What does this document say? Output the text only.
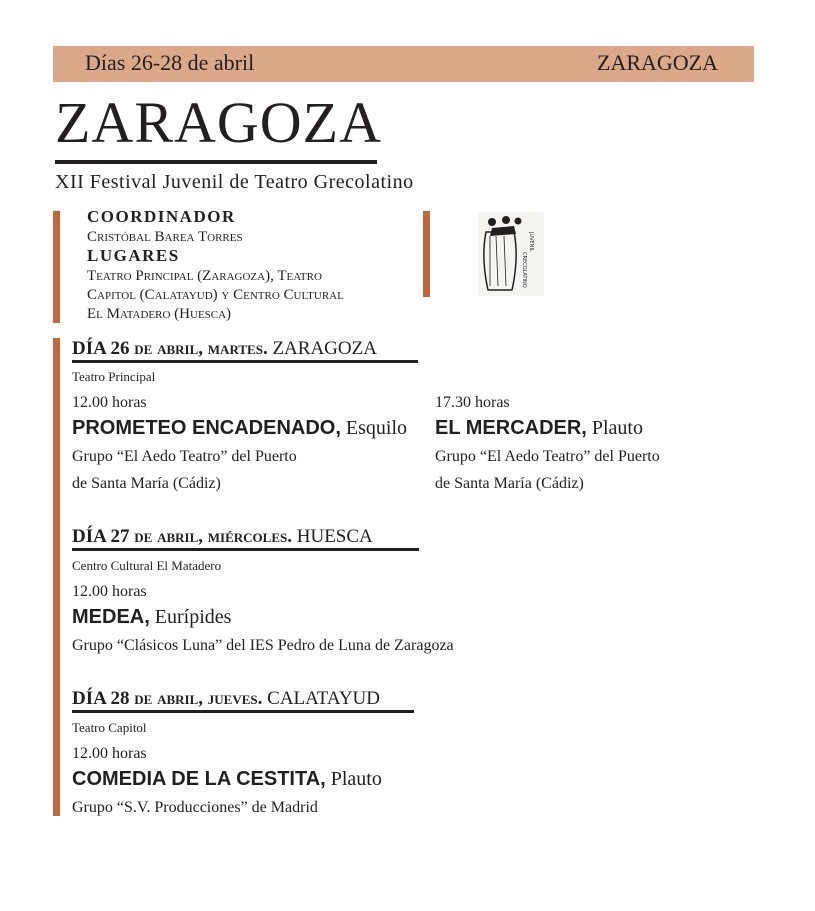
Días 26-28 de abril	ZARAGOZA
ZARAGOZA
XII Festival Juvenil de Teatro Grecolatino
COORDINADOR
Cristóbal Barea Torres
LUGARES
Teatro Principal (Zaragoza), Teatro
Capitol (Calatayud) y Centro Cultural
El Matadero (Huesca)
CRECOLATINO
JUVENIL
DÍA 26 de abril, martes. ZARAGOZA
Teatro Principal
12.00 horas
PROMETEO ENCADENADO, Esquilo
Grupo “El Aedo Teatro” del Puerto
de Santa María (Cádiz)
17.30 horas
EL MERCADER, Plauto
Grupo “El Aedo Teatro” del Puerto
de Santa María (Cádiz)
DÍA 27 de abril, miércoles. HUESCA
Centro Cultural El Matadero
12.00 horas
MEDEA, Eurípides
Grupo “Clásicos Luna” del IES Pedro de Luna de Zaragoza
DÍA 28 de abril, jueves. CALATAYUD
Teatro Capitol
12.00 horas
COMEDIA DE LA CESTITA, Plauto
Grupo “S.V. Producciones” de Madrid
